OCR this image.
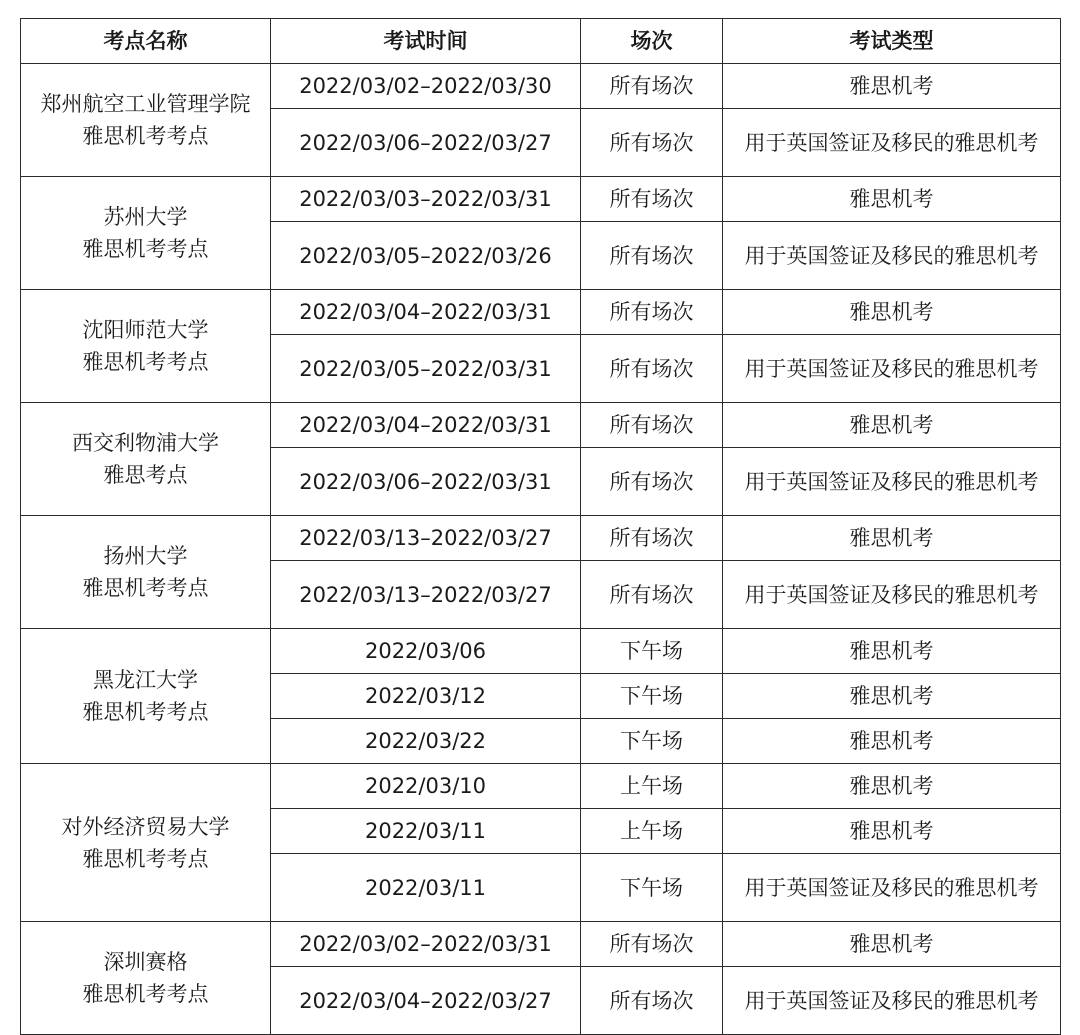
考点名称	考试时间	场次	考试类型

郑州航空工业管理学院
雅思机考考点	2022/03/02–2022/03/30	所有场次	雅思机考
	2022/03/06–2022/03/27	所有场次	用于英国签证及移民的雅思机考

苏州大学
雅思机考考点	2022/03/03–2022/03/31	所有场次	雅思机考
	2022/03/05–2022/03/26	所有场次	用于英国签证及移民的雅思机考

沈阳师范大学
雅思机考考点	2022/03/04–2022/03/31	所有场次	雅思机考
	2022/03/05–2022/03/31	所有场次	用于英国签证及移民的雅思机考

西交利物浦大学
雅思考点	2022/03/04–2022/03/31	所有场次	雅思机考
	2022/03/06–2022/03/31	所有场次	用于英国签证及移民的雅思机考

扬州大学
雅思机考考点	2022/03/13–2022/03/27	所有场次	雅思机考
	2022/03/13–2022/03/27	所有场次	用于英国签证及移民的雅思机考

黑龙江大学
雅思机考考点	2022/03/06	下午场	雅思机考
	2022/03/12	下午场	雅思机考
	2022/03/22	下午场	雅思机考

对外经济贸易大学
雅思机考考点	2022/03/10	上午场	雅思机考
	2022/03/11	上午场	雅思机考
	2022/03/11	下午场	用于英国签证及移民的雅思机考

深圳赛格
雅思机考考点	2022/03/02–2022/03/31	所有场次	雅思机考
	2022/03/04–2022/03/27	所有场次	用于英国签证及移民的雅思机考
